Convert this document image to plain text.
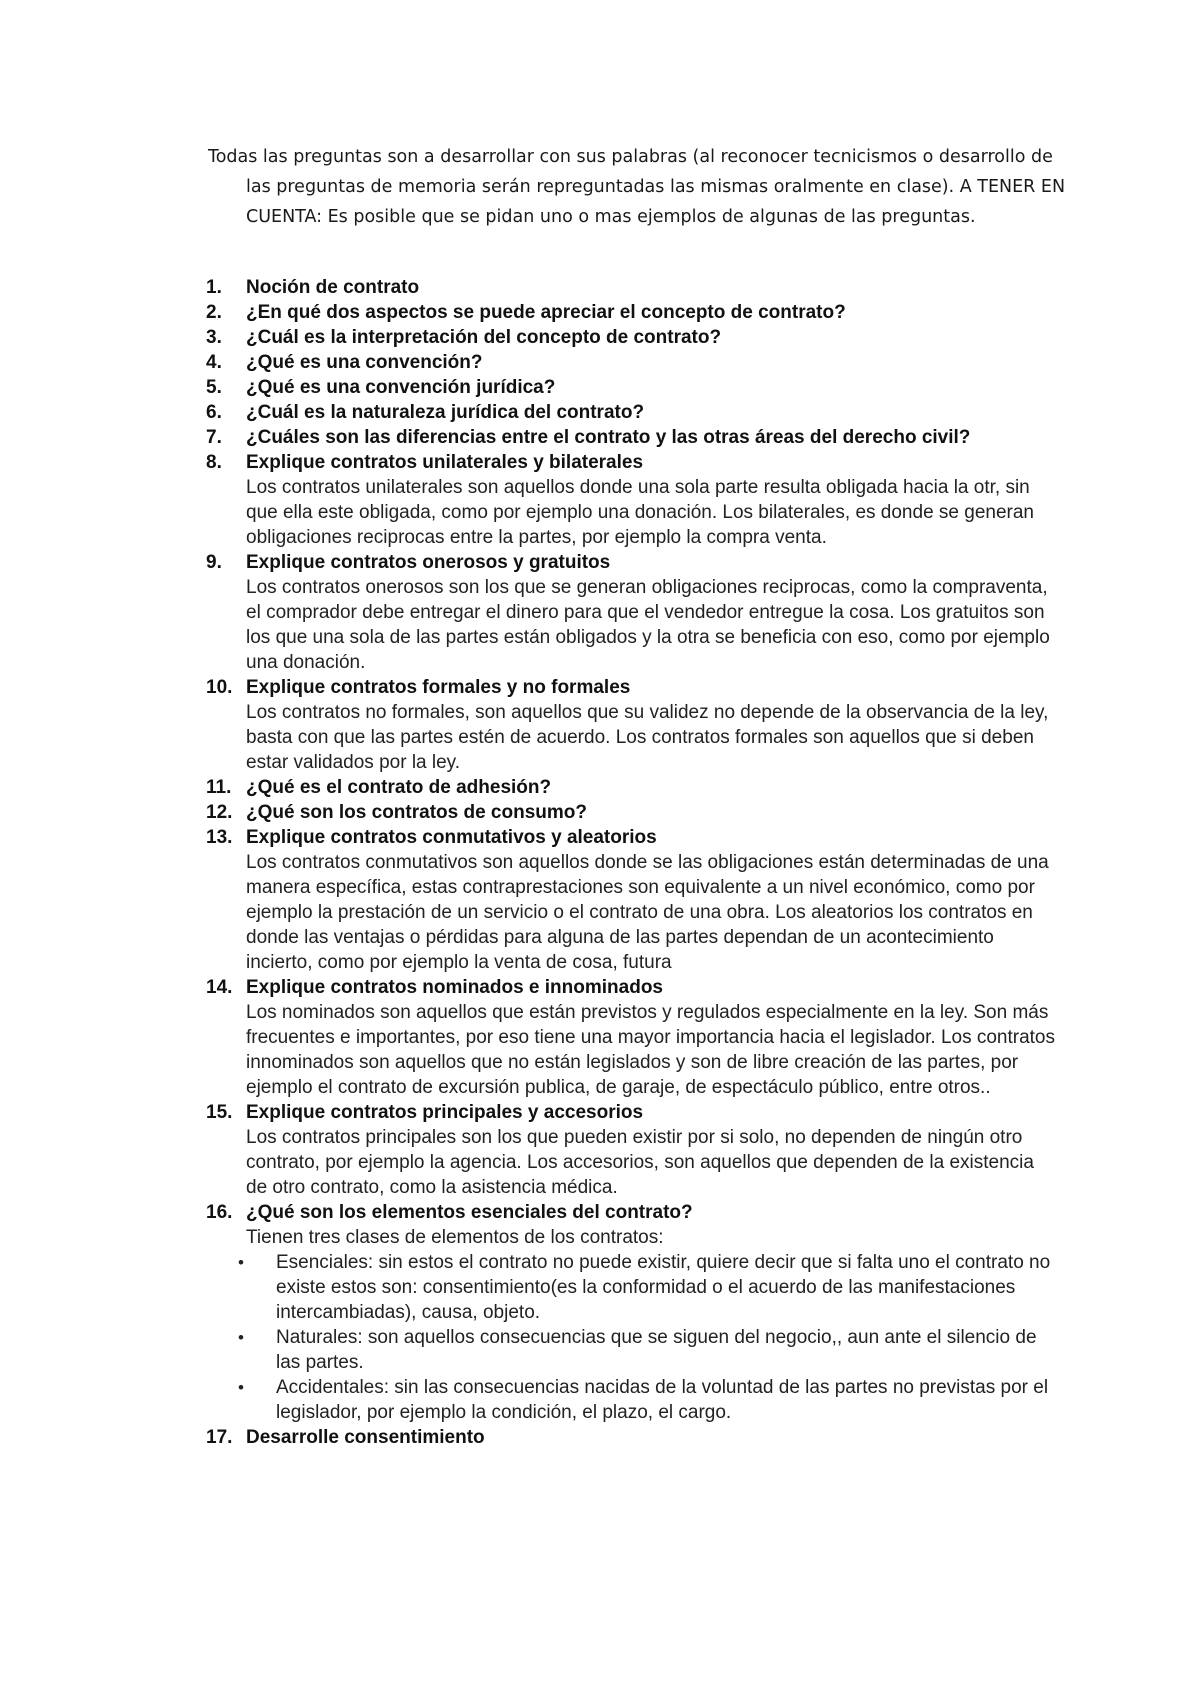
Todas las preguntas son a desarrollar con sus palabras (al reconocer tecnicismos o desarrollo de las preguntas de memoria serán repreguntadas las mismas oralmente en clase). A TENER EN CUENTA: Es posible que se pidan uno o mas ejemplos de algunas de las preguntas.

1. Noción de contrato
2. ¿En qué dos aspectos se puede apreciar el concepto de contrato?
3. ¿Cuál es la interpretación del concepto de contrato?
4. ¿Qué es una convención?
5. ¿Qué es una convención jurídica?
6. ¿Cuál es la naturaleza jurídica del contrato?
7. ¿Cuáles son las diferencias entre el contrato y las otras áreas del derecho civil?
8. Explique contratos unilaterales y bilaterales
Los contratos unilaterales son aquellos donde una sola parte resulta obligada hacia la otr, sin que ella este obligada, como por ejemplo una donación. Los bilaterales, es donde se generan obligaciones reciprocas entre la partes, por ejemplo la compra venta.
9. Explique contratos onerosos y gratuitos
Los contratos onerosos son los que se generan obligaciones reciprocas, como la compraventa, el comprador debe entregar el dinero para que el vendedor entregue la cosa. Los gratuitos son los que una sola de las partes están obligados y la otra se beneficia con eso, como por ejemplo una donación.
10. Explique contratos formales y no formales
Los contratos no formales, son aquellos que su validez no depende de la observancia de la ley, basta con que las partes estén de acuerdo. Los contratos formales son aquellos que si deben estar validados por la ley.
11. ¿Qué es el contrato de adhesión?
12. ¿Qué son los contratos de consumo?
13. Explique contratos conmutativos y aleatorios
Los contratos conmutativos son aquellos donde se las obligaciones están determinadas de una manera específica, estas contraprestaciones son equivalente a un nivel económico, como por ejemplo la prestación de un servicio o el contrato de una obra. Los aleatorios los contratos en donde las ventajas o pérdidas para alguna de las partes dependan de un acontecimiento incierto, como por ejemplo la venta de cosa, futura
14. Explique contratos nominados e innominados
Los nominados son aquellos que están previstos y regulados especialmente en la ley. Son más frecuentes e importantes, por eso tiene una mayor importancia hacia el legislador. Los contratos innominados son aquellos que no están legislados y son de libre creación de las partes, por ejemplo el contrato de excursión publica, de garaje, de espectáculo público, entre otros..
15. Explique contratos principales y accesorios
Los contratos principales son los que pueden existir por si solo, no dependen de ningún otro contrato, por ejemplo la agencia. Los accesorios, son aquellos que dependen de la existencia de otro contrato, como la asistencia médica.
16. ¿Qué son los elementos esenciales del contrato?
Tienen tres clases de elementos de los contratos:
• Esenciales: sin estos el contrato no puede existir, quiere decir que si falta uno el contrato no existe estos son: consentimiento(es la conformidad o el acuerdo de las manifestaciones intercambiadas), causa, objeto.
• Naturales: son aquellos consecuencias que se siguen del negocio,, aun ante el silencio de las partes.
• Accidentales: sin las consecuencias nacidas de la voluntad de las partes no previstas por el legislador, por ejemplo la condición, el plazo, el cargo.
17. Desarrolle consentimiento
